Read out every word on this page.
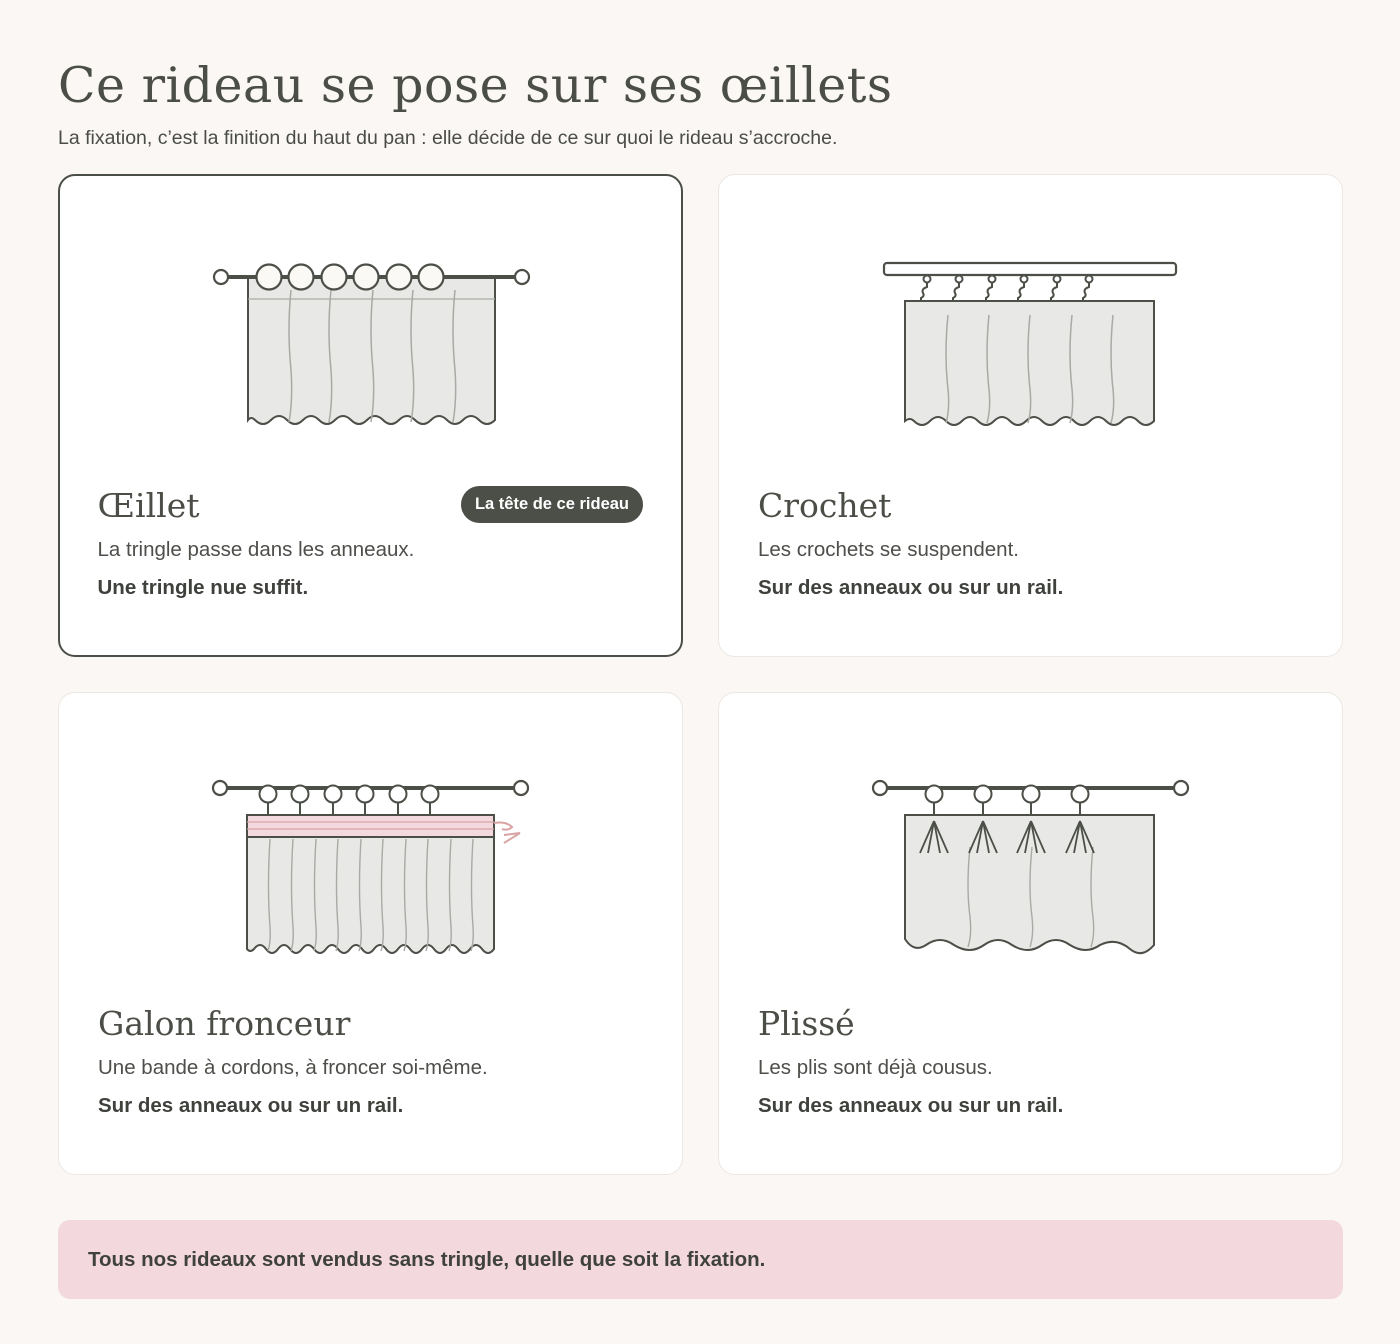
Ce rideau se pose sur ses œillets

La fixation, c’est la finition du haut du pan : elle décide de ce sur quoi le rideau s’accroche.

Œillet	La tête de ce rideau
La tringle passe dans les anneaux.
Une tringle nue suffit.
Crochet
Les crochets se suspendent.
Sur des anneaux ou sur un rail.
Galon fronceur
Une bande à cordons, à froncer soi-même.
Sur des anneaux ou sur un rail.
Plissé
Les plis sont déjà cousus.
Sur des anneaux ou sur un rail.
Tous nos rideaux sont vendus sans tringle, quelle que soit la fixation.
